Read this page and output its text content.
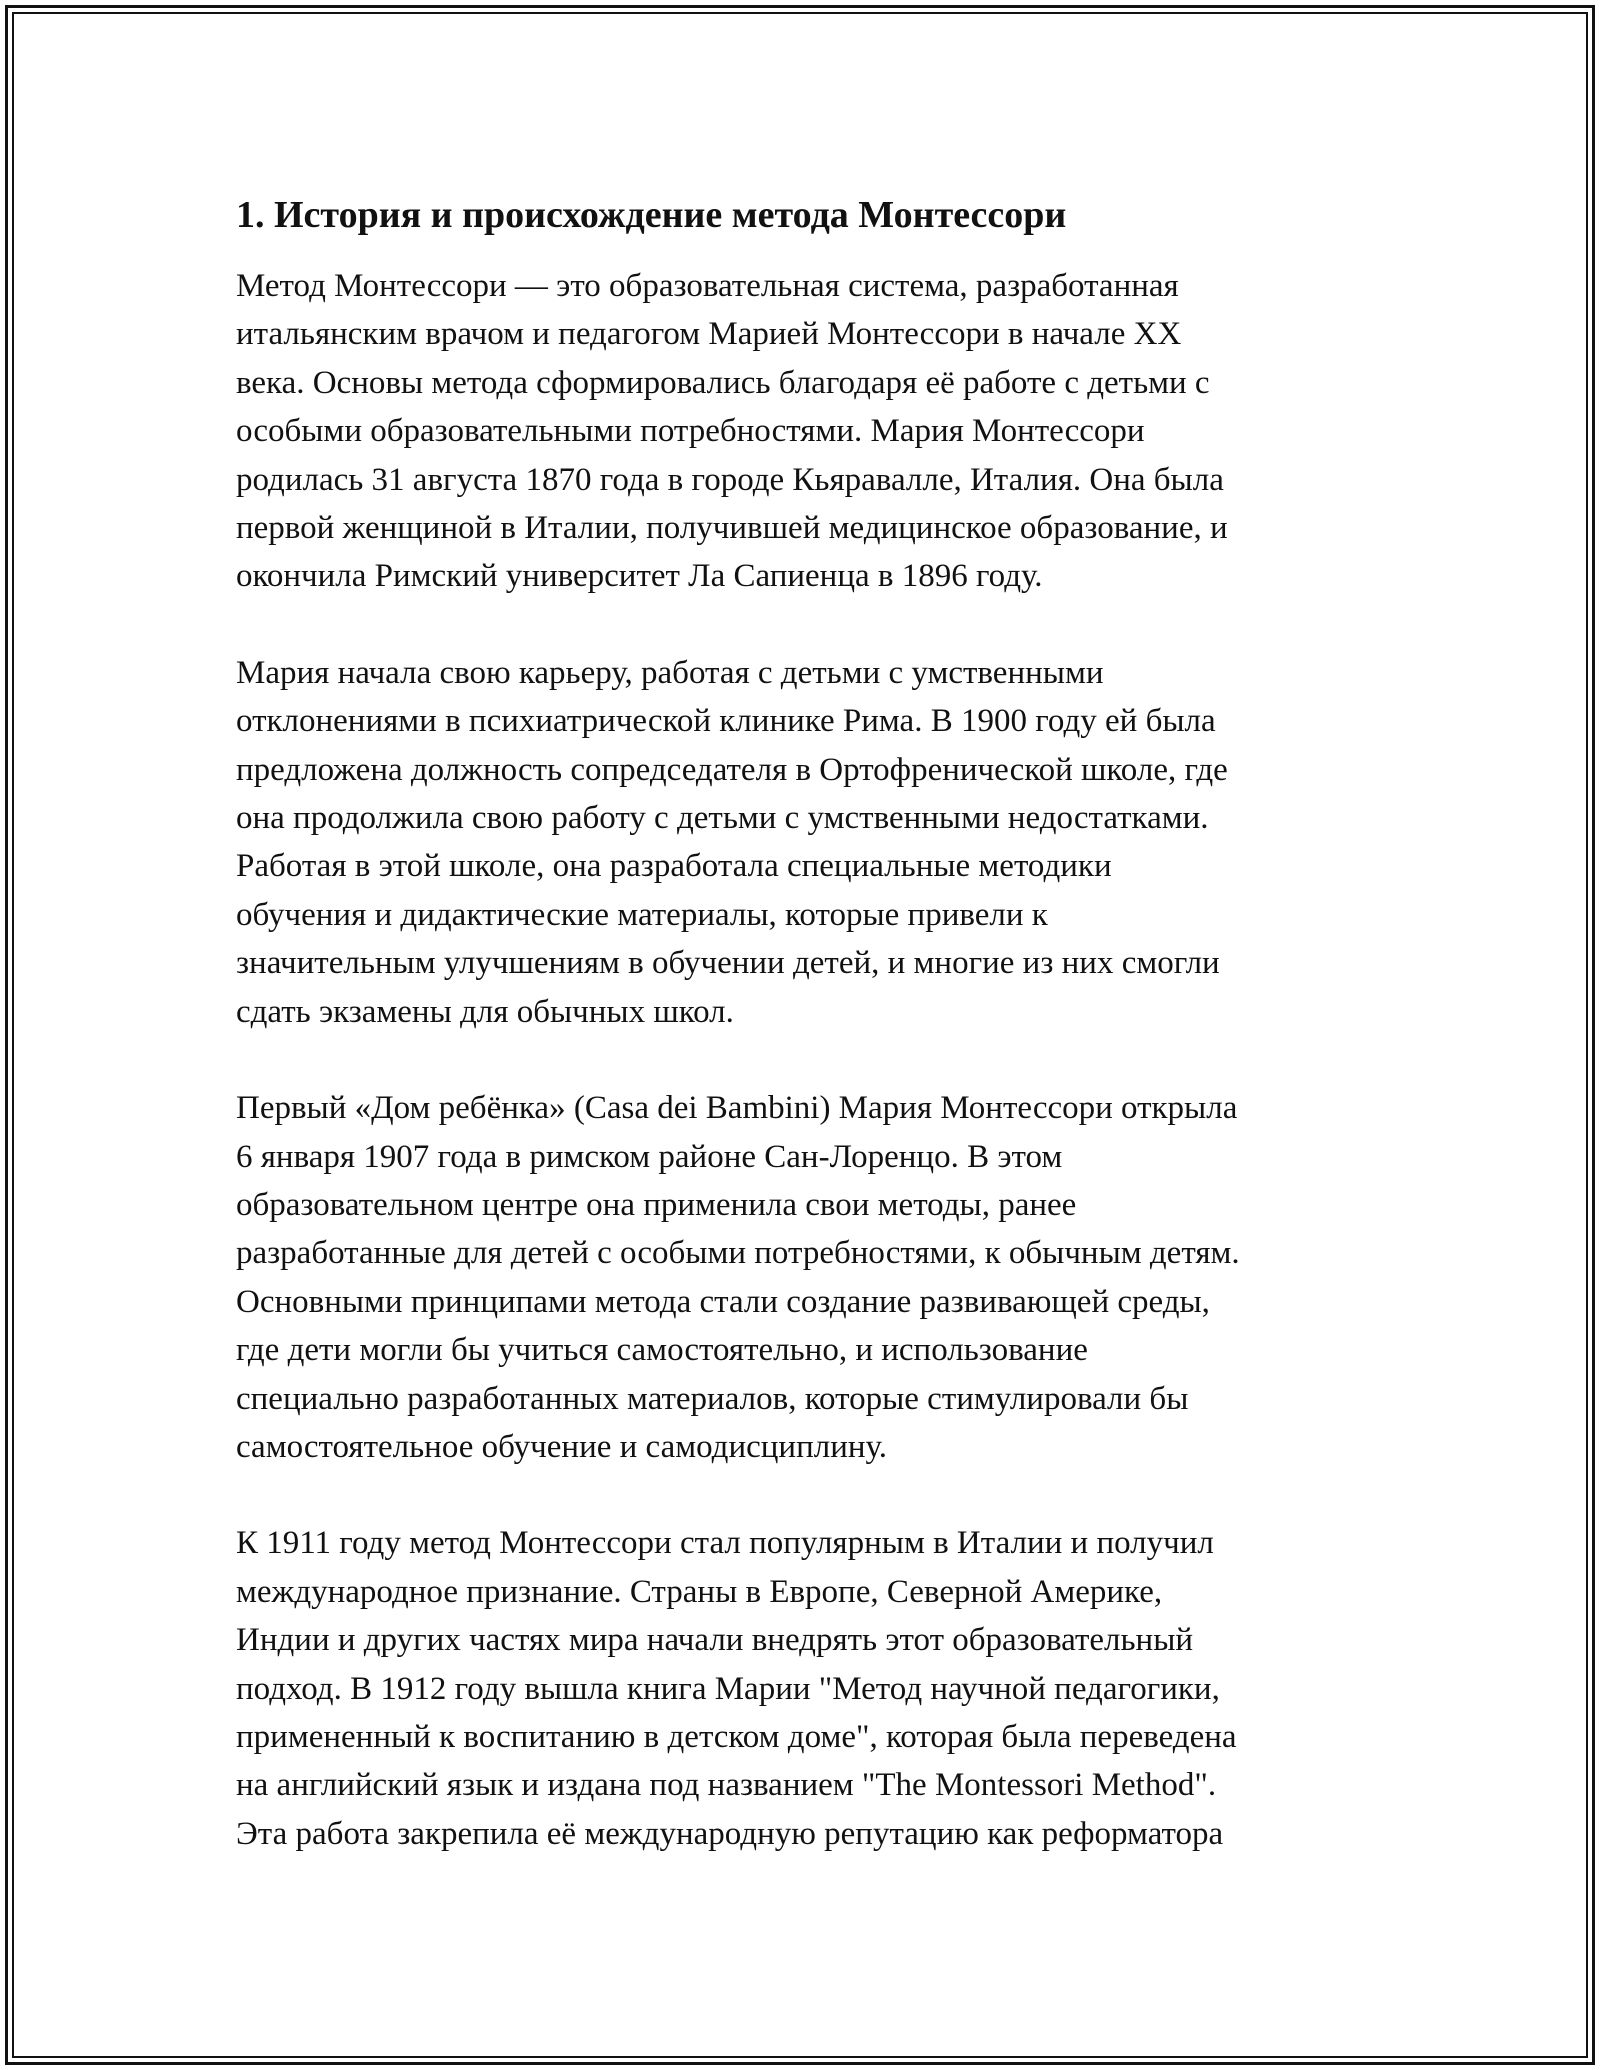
1. История и происхождение метода Монтессори

Метод Монтессори — это образовательная система, разработанная
итальянским врачом и педагогом Марией Монтессори в начале XX
века. Основы метода сформировались благодаря её работе с детьми с
особыми образовательными потребностями. Мария Монтессори
родилась 31 августа 1870 года в городе Кьяравалле, Италия. Она была
первой женщиной в Италии, получившей медицинское образование, и
окончила Римский университет Ла Сапиенца в 1896 году.

Мария начала свою карьеру, работая с детьми с умственными
отклонениями в психиатрической клинике Рима. В 1900 году ей была
предложена должность сопредседателя в Ортофренической школе, где
она продолжила свою работу с детьми с умственными недостатками.
Работая в этой школе, она разработала специальные методики
обучения и дидактические материалы, которые привели к
значительным улучшениям в обучении детей, и многие из них смогли
сдать экзамены для обычных школ.

Первый «Дом ребёнка» (Casa dei Bambini) Мария Монтессори открыла
6 января 1907 года в римском районе Сан-Лоренцо. В этом
образовательном центре она применила свои методы, ранее
разработанные для детей с особыми потребностями, к обычным детям.
Основными принципами метода стали создание развивающей среды,
где дети могли бы учиться самостоятельно, и использование
специально разработанных материалов, которые стимулировали бы
самостоятельное обучение и самодисциплину.

К 1911 году метод Монтессори стал популярным в Италии и получил
международное признание. Страны в Европе, Северной Америке,
Индии и других частях мира начали внедрять этот образовательный
подход. В 1912 году вышла книга Марии "Метод научной педагогики,
примененный к воспитанию в детском доме", которая была переведена
на английский язык и издана под названием "The Montessori Method".
Эта работа закрепила её международную репутацию как реформатора
